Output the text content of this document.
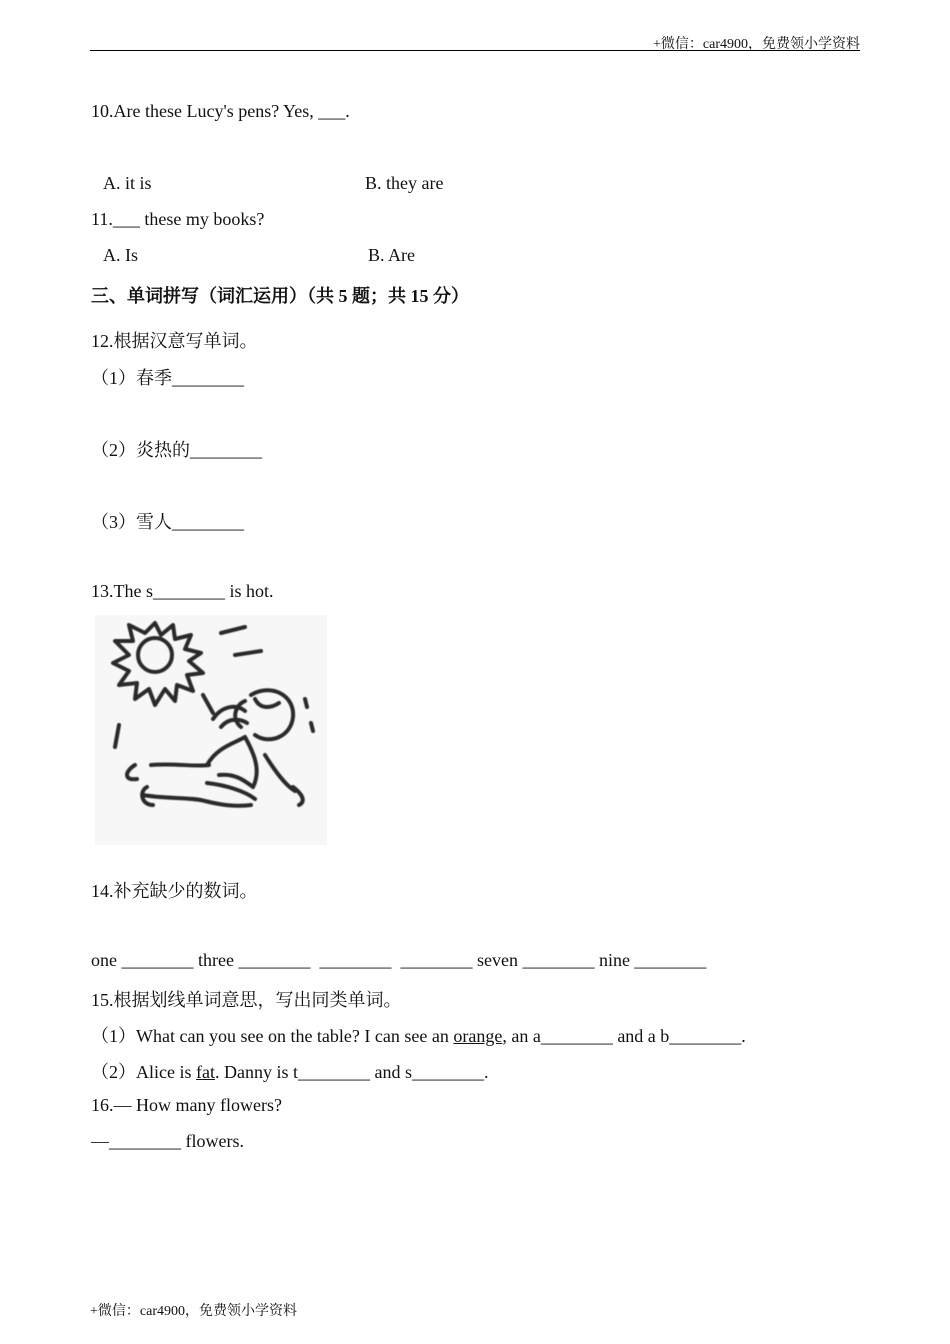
+微信：car4900，免费领小学资料
10.Are these Lucy's pens? Yes, ___.
A. it is	B. they are
11.___ these my books?
A. Is	B. Are
三、单词拼写（词汇运用）（共 5 题；共 15 分）
12.根据汉意写单词。
（1）春季________
（2）炎热的________
（3）雪人________
13.The s________ is hot.
14.补充缺少的数词。
one ________ three ________  ________  ________ seven ________ nine ________
15.根据划线单词意思，写出同类单词。
（1）What can you see on the table? I can see an orange, an a________ and a b________.
（2）Alice is fat. Danny is t________ and s________.
16.— How many flowers?
—________ flowers.
+微信：car4900，免费领小学资料
